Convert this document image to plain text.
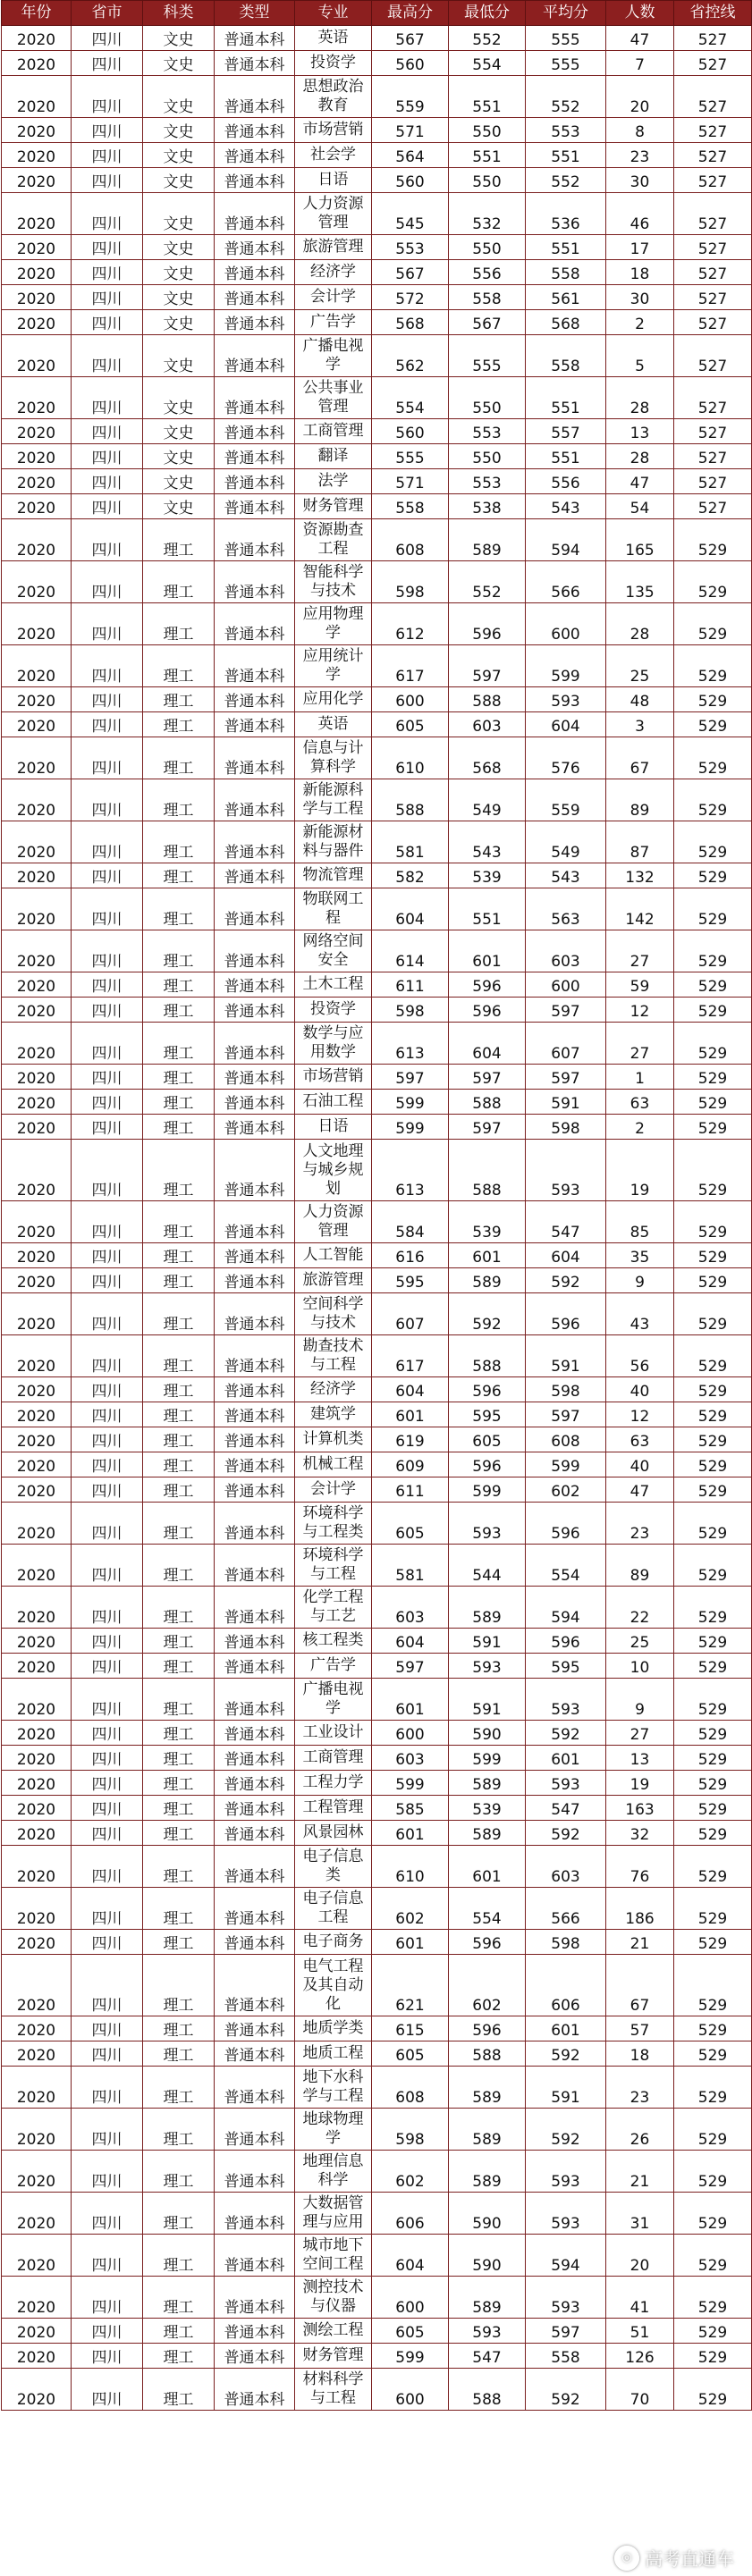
年份	省市	科类	类型	专业	最高分	最低分	平均分	人数	省控线
2020	四川	文史	普通本科	英语	567	552	555	47	527
2020	四川	文史	普通本科	投资学	560	554	555	7	527
2020	四川	文史	普通本科	思想政治教育	559	551	552	20	527
2020	四川	文史	普通本科	市场营销	571	550	553	8	527
2020	四川	文史	普通本科	社会学	564	551	551	23	527
2020	四川	文史	普通本科	日语	560	550	552	30	527
2020	四川	文史	普通本科	人力资源管理	545	532	536	46	527
2020	四川	文史	普通本科	旅游管理	553	550	551	17	527
2020	四川	文史	普通本科	经济学	567	556	558	18	527
2020	四川	文史	普通本科	会计学	572	558	561	30	527
2020	四川	文史	普通本科	广告学	568	567	568	2	527
2020	四川	文史	普通本科	广播电视学	562	555	558	5	527
2020	四川	文史	普通本科	公共事业管理	554	550	551	28	527
2020	四川	文史	普通本科	工商管理	560	553	557	13	527
2020	四川	文史	普通本科	翻译	555	550	551	28	527
2020	四川	文史	普通本科	法学	571	553	556	47	527
2020	四川	文史	普通本科	财务管理	558	538	543	54	527
2020	四川	理工	普通本科	资源勘查工程	608	589	594	165	529
2020	四川	理工	普通本科	智能科学与技术	598	552	566	135	529
2020	四川	理工	普通本科	应用物理学	612	596	600	28	529
2020	四川	理工	普通本科	应用统计学	617	597	599	25	529
2020	四川	理工	普通本科	应用化学	600	588	593	48	529
2020	四川	理工	普通本科	英语	605	603	604	3	529
2020	四川	理工	普通本科	信息与计算科学	610	568	576	67	529
2020	四川	理工	普通本科	新能源科学与工程	588	549	559	89	529
2020	四川	理工	普通本科	新能源材料与器件	581	543	549	87	529
2020	四川	理工	普通本科	物流管理	582	539	543	132	529
2020	四川	理工	普通本科	物联网工程	604	551	563	142	529
2020	四川	理工	普通本科	网络空间安全	614	601	603	27	529
2020	四川	理工	普通本科	土木工程	611	596	600	59	529
2020	四川	理工	普通本科	投资学	598	596	597	12	529
2020	四川	理工	普通本科	数学与应用数学	613	604	607	27	529
2020	四川	理工	普通本科	市场营销	597	597	597	1	529
2020	四川	理工	普通本科	石油工程	599	588	591	63	529
2020	四川	理工	普通本科	日语	599	597	598	2	529
2020	四川	理工	普通本科	人文地理与城乡规划	613	588	593	19	529
2020	四川	理工	普通本科	人力资源管理	584	539	547	85	529
2020	四川	理工	普通本科	人工智能	616	601	604	35	529
2020	四川	理工	普通本科	旅游管理	595	589	592	9	529
2020	四川	理工	普通本科	空间科学与技术	607	592	596	43	529
2020	四川	理工	普通本科	勘查技术与工程	617	588	591	56	529
2020	四川	理工	普通本科	经济学	604	596	598	40	529
2020	四川	理工	普通本科	建筑学	601	595	597	12	529
2020	四川	理工	普通本科	计算机类	619	605	608	63	529
2020	四川	理工	普通本科	机械工程	609	596	599	40	529
2020	四川	理工	普通本科	会计学	611	599	602	47	529
2020	四川	理工	普通本科	环境科学与工程类	605	593	596	23	529
2020	四川	理工	普通本科	环境科学与工程	581	544	554	89	529
2020	四川	理工	普通本科	化学工程与工艺	603	589	594	22	529
2020	四川	理工	普通本科	核工程类	604	591	596	25	529
2020	四川	理工	普通本科	广告学	597	593	595	10	529
2020	四川	理工	普通本科	广播电视学	601	591	593	9	529
2020	四川	理工	普通本科	工业设计	600	590	592	27	529
2020	四川	理工	普通本科	工商管理	603	599	601	13	529
2020	四川	理工	普通本科	工程力学	599	589	593	19	529
2020	四川	理工	普通本科	工程管理	585	539	547	163	529
2020	四川	理工	普通本科	风景园林	601	589	592	32	529
2020	四川	理工	普通本科	电子信息类	610	601	603	76	529
2020	四川	理工	普通本科	电子信息工程	602	554	566	186	529
2020	四川	理工	普通本科	电子商务	601	596	598	21	529
2020	四川	理工	普通本科	电气工程及其自动化	621	602	606	67	529
2020	四川	理工	普通本科	地质学类	615	596	601	57	529
2020	四川	理工	普通本科	地质工程	605	588	592	18	529
2020	四川	理工	普通本科	地下水科学与工程	608	589	591	23	529
2020	四川	理工	普通本科	地球物理学	598	589	592	26	529
2020	四川	理工	普通本科	地理信息科学	602	589	593	21	529
2020	四川	理工	普通本科	大数据管理与应用	606	590	593	31	529
2020	四川	理工	普通本科	城市地下空间工程	604	590	594	20	529
2020	四川	理工	普通本科	测控技术与仪器	600	589	593	41	529
2020	四川	理工	普通本科	测绘工程	605	593	597	51	529
2020	四川	理工	普通本科	财务管理	599	547	558	126	529
2020	四川	理工	普通本科	材料科学与工程	600	588	592	70	529
◎ 高考直通车
